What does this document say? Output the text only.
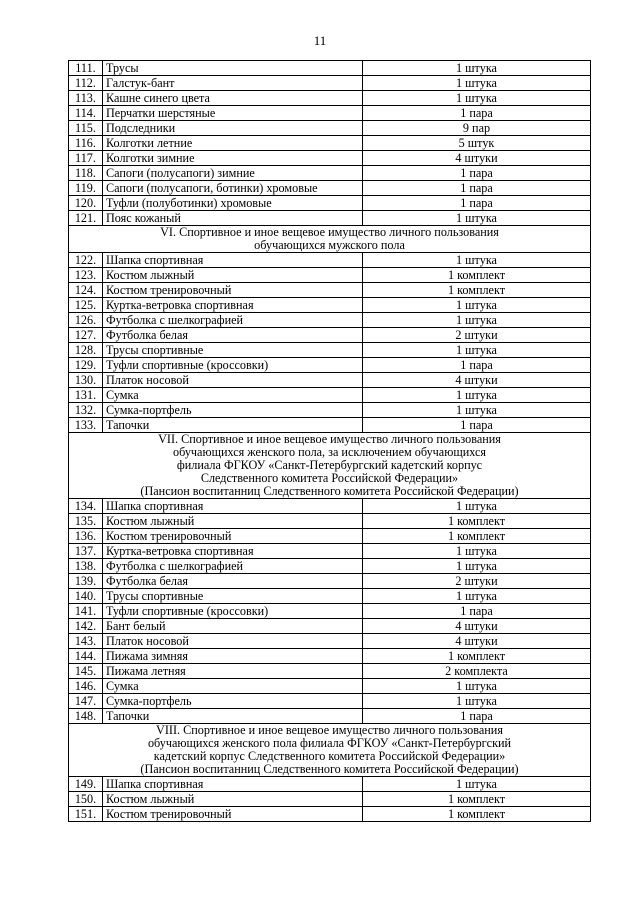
11
111.	Трусы	1 штука
112.	Галстук-бант	1 штука
113.	Кашне синего цвета	1 штука
114.	Перчатки шерстяные	1 пара
115.	Подследники	9 пар
116.	Колготки летние	5 штук
117.	Колготки зимние	4 штуки
118.	Сапоги (полусапоги) зимние	1 пара
119.	Сапоги (полусапоги, ботинки) хромовые	1 пара
120.	Туфли (полуботинки) хромовые	1 пара
121.	Пояс кожаный	1 штука

VI. Спортивное и иное вещевое имущество личного пользования
обучающихся мужского пола		

122.	Шапка спортивная	1 штука
123.	Костюм лыжный	1 комплект
124.	Костюм тренировочный	1 комплект
125.	Куртка-ветровка спортивная	1 штука
126.	Футболка с шелкографией	1 штука
127.	Футболка белая	2 штуки
128.	Трусы спортивные	1 штука
129.	Туфли спортивные (кроссовки)	1 пара
130.	Платок носовой	4 штуки
131.	Сумка	1 штука
132.	Сумка-портфель	1 штука
133.	Тапочки	1 пара

VII. Спортивное и иное вещевое имущество личного пользования
обучающихся женского пола, за исключением обучающихся
филиала ФГКОУ «Санкт-Петербургский кадетский корпус
Следственного комитета Российской Федерации»
(Пансион воспитанниц Следственного комитета Российской Федерации)		

134.	Шапка спортивная	1 штука
135.	Костюм лыжный	1 комплект
136.	Костюм тренировочный	1 комплект
137.	Куртка-ветровка спортивная	1 штука
138.	Футболка с шелкографией	1 штука
139.	Футболка белая	2 штуки
140.	Трусы спортивные	1 штука
141.	Туфли спортивные (кроссовки)	1 пара
142.	Бант белый	4 штуки
143.	Платок носовой	4 штуки
144.	Пижама зимняя	1 комплект
145.	Пижама летняя	2 комплекта
146.	Сумка	1 штука
147.	Сумка-портфель	1 штука
148.	Тапочки	1 пара

VIII. Спортивное и иное вещевое имущество личного пользования
обучающихся женского пола филиала ФГКОУ «Санкт-Петербургский
кадетский корпус Следственного комитета Российской Федерации»
(Пансион воспитанниц Следственного комитета Российской Федерации)		

149.	Шапка спортивная	1 штука
150.	Костюм лыжный	1 комплект
151.	Костюм тренировочный	1 комплект
